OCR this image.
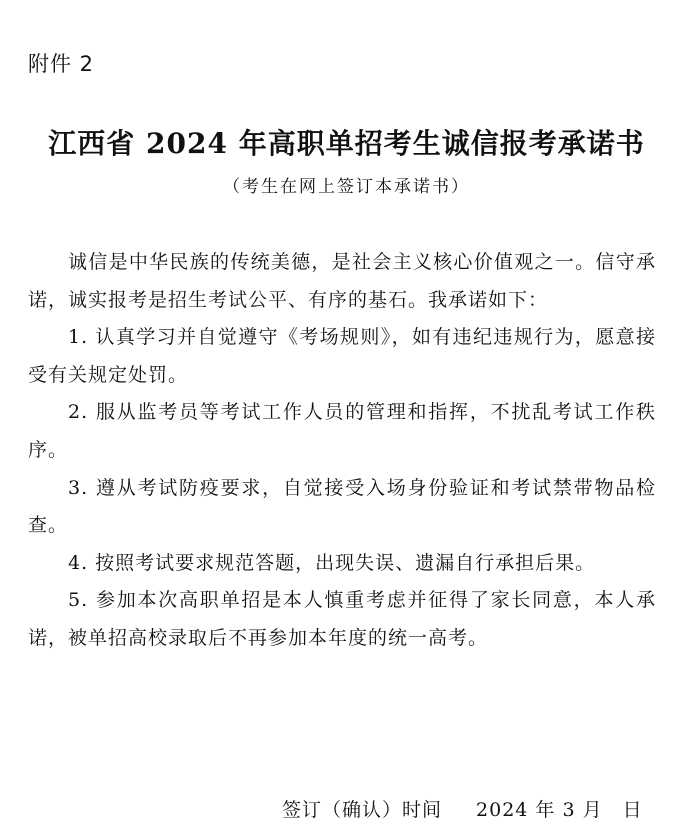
附件 2
江西省 2024 年高职单招考生诚信报考承诺书
（考生在网上签订本承诺书）

诚信是中华民族的传统美德，是社会主义核心价值观之一。信守承诺，诚实报考是招生考试公平、有序的基石。我承诺如下：

1. 认真学习并自觉遵守《考场规则》，如有违纪违规行为，愿意接受有关规定处罚。

2. 服从监考员等考试工作人员的管理和指挥，不扰乱考试工作秩序。

3. 遵从考试防疫要求，自觉接受入场身份验证和考试禁带物品检查。

4. 按照考试要求规范答题，出现失误、遗漏自行承担后果。

5. 参加本次高职单招是本人慎重考虑并征得了家长同意，本人承诺，被单招高校录取后不再参加本年度的统一高考。

签订（确认）时间 2024 年 3 月　日
